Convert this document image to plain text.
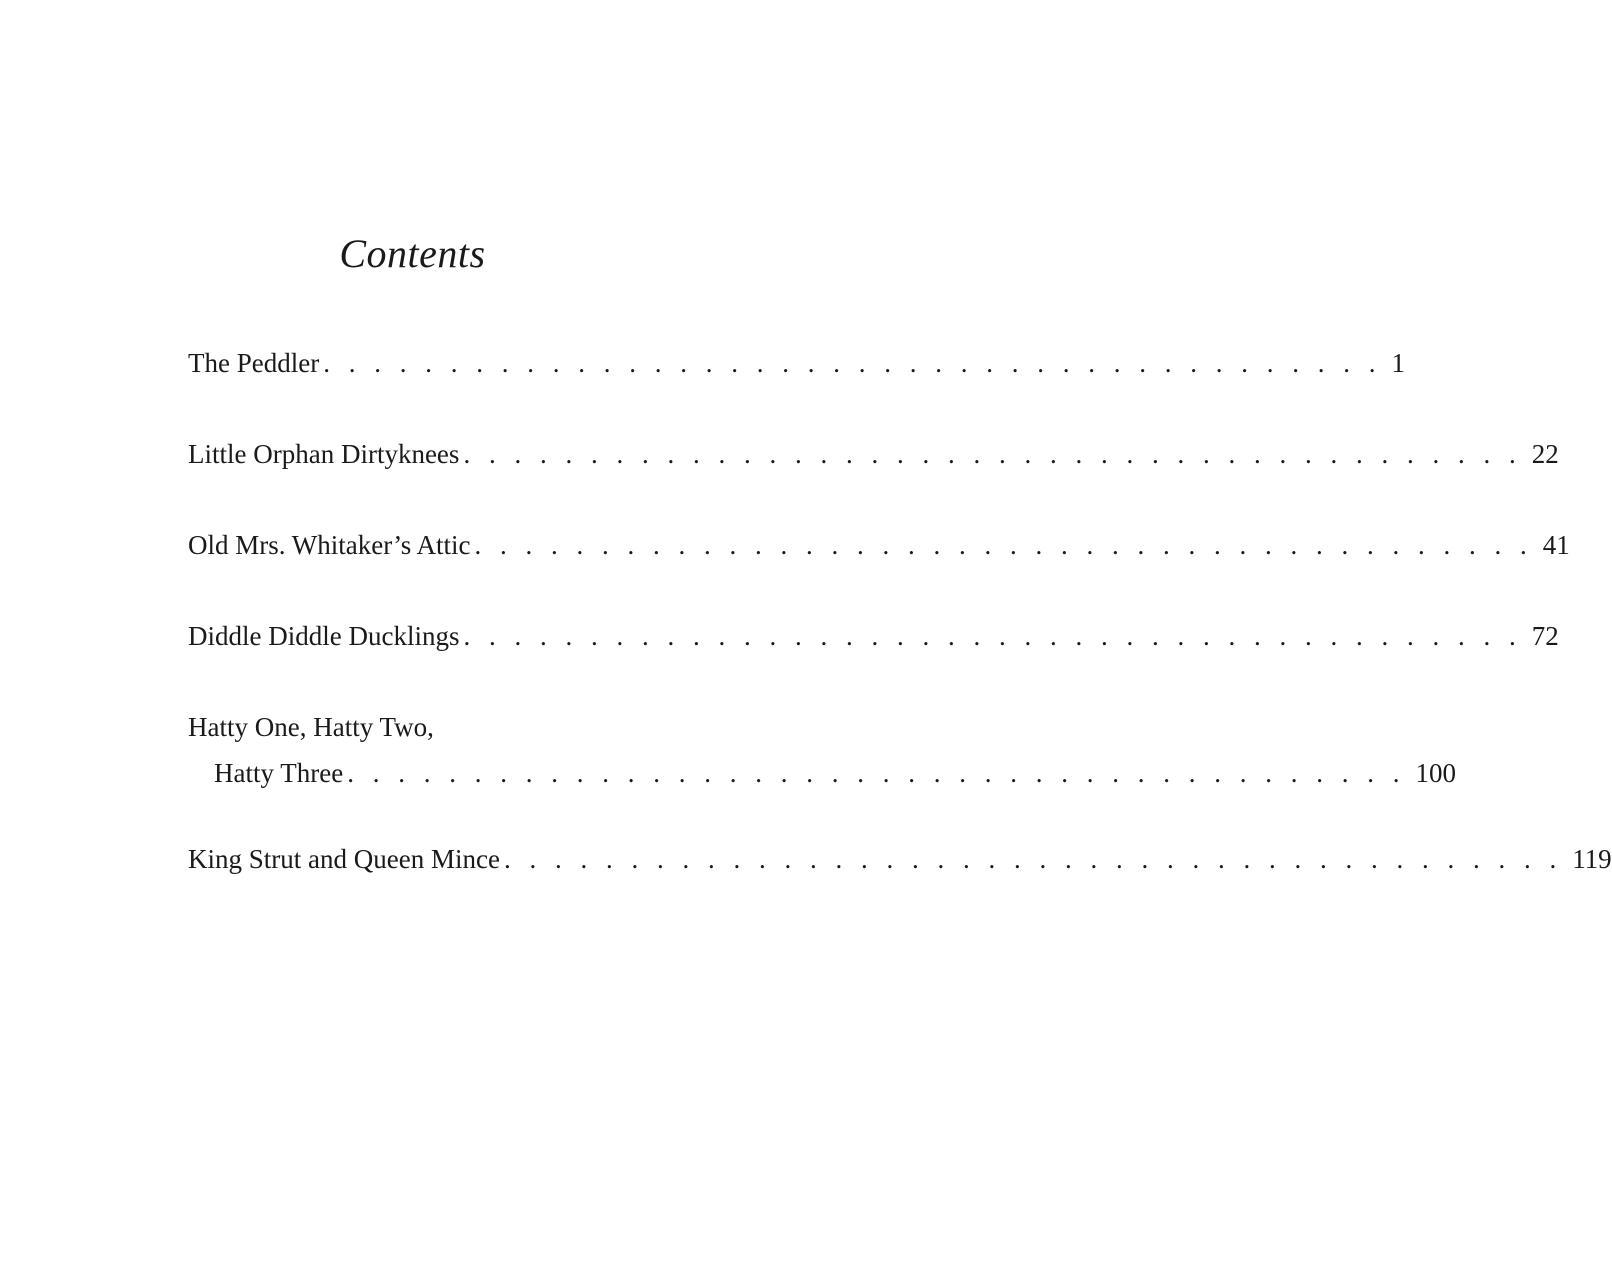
Contents
The Peddler . . . . . . . . . . . . . . . . . . . . . . . . . . . . . . . . . . . . . . . . . . 1
Little Orphan Dirtyknees . . . . . . . . . . . . . . . . . . . . . . . . . . . . . . . . . . . . . . . . . . 22
Old Mrs. Whitaker’s Attic . . . . . . . . . . . . . . . . . . . . . . . . . . . . . . . . . . . . . . . . . . 41
Diddle Diddle Ducklings . . . . . . . . . . . . . . . . . . . . . . . . . . . . . . . . . . . . . . . . . . 72
Hatty One, Hatty Two,
Hatty Three . . . . . . . . . . . . . . . . . . . . . . . . . . . . . . . . . . . . . . . . . . 100
King Strut and Queen Mince . . . . . . . . . . . . . . . . . . . . . . . . . . . . . . . . . . . . . . . . . . 119
